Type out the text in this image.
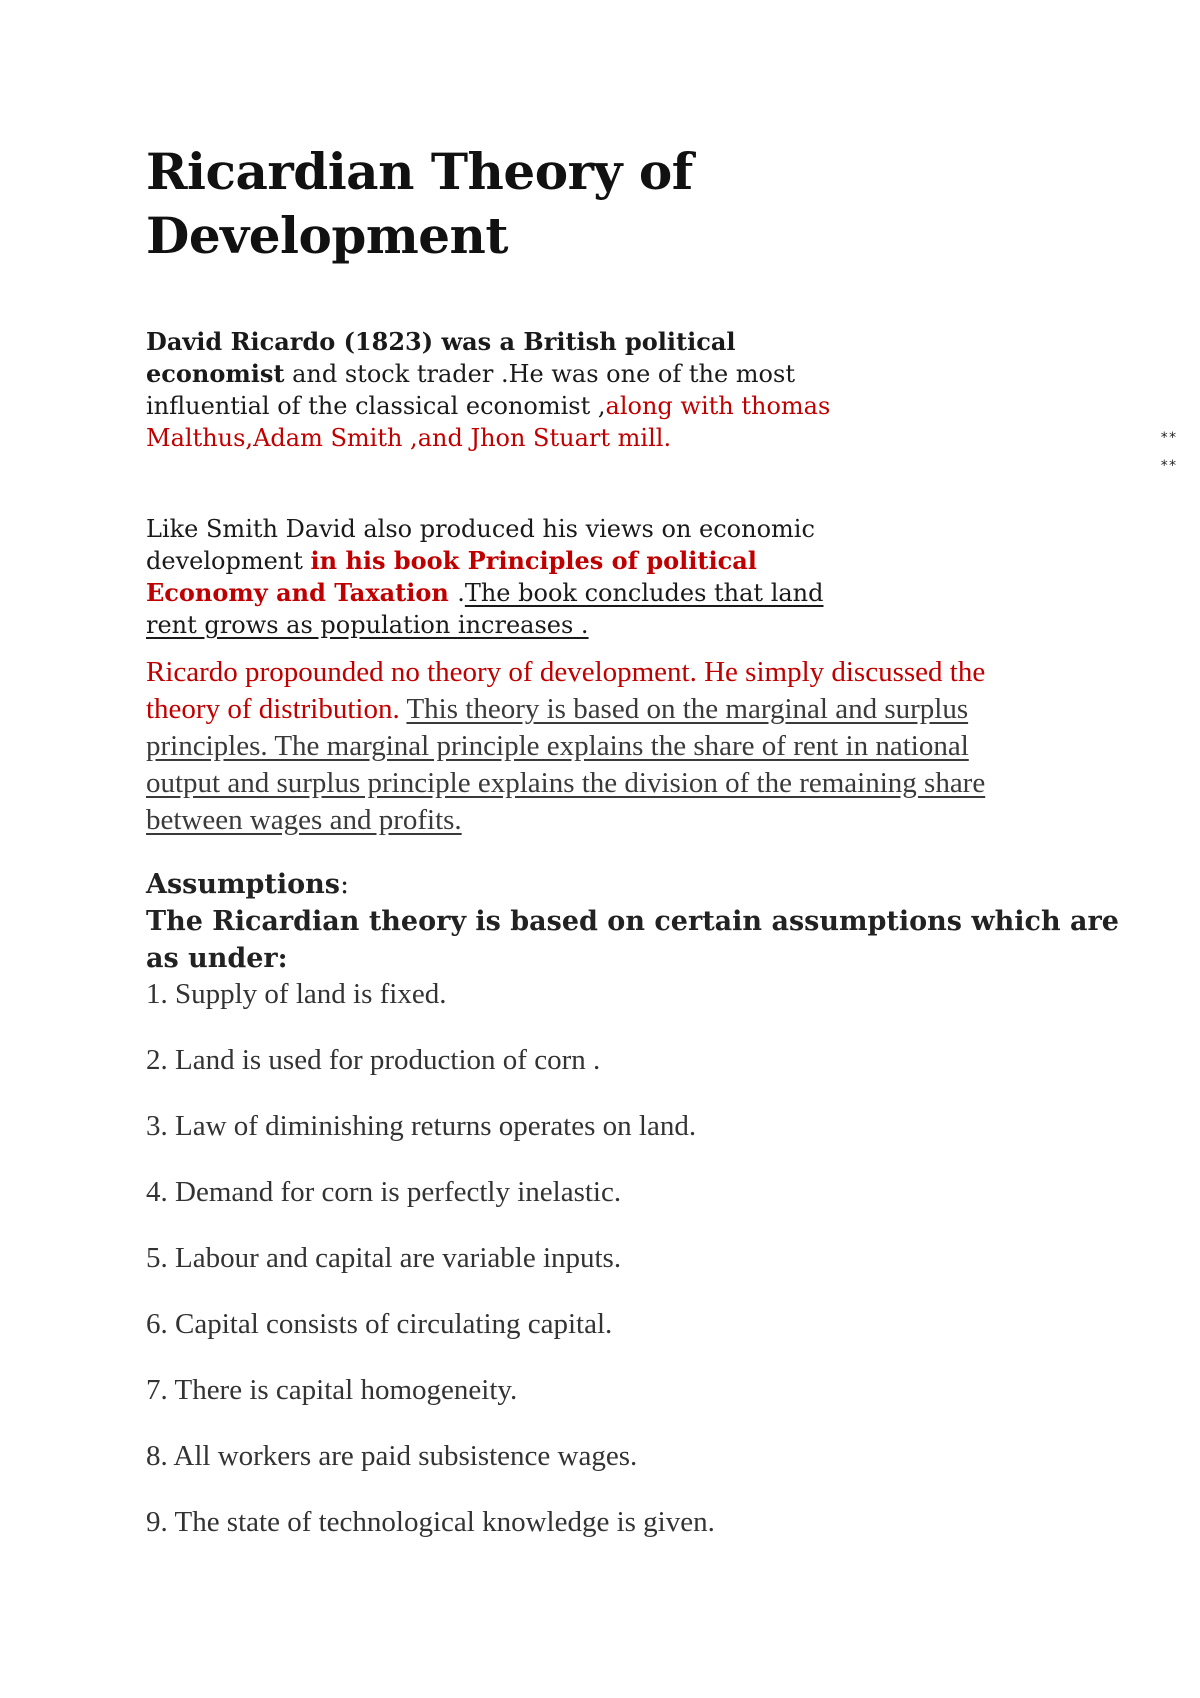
Ricardian Theory of
Development

David Ricardo (1823) was a British political
economist and stock trader .He was one of the most
influential of the classical economist ,along with thomas
Malthus,Adam Smith ,and Jhon Stuart mill.	**
**

Like Smith David also produced his views on economic
development in his book Principles of political
Economy and Taxation .The book concludes that land
rent grows as population increases .

Ricardo propounded no theory of development. He simply discussed the
theory of distribution. This theory is based on the marginal and surplus
principles. The marginal principle explains the share of rent in national
output and surplus principle explains the division of the remaining share
between wages and profits.

Assumptions:
The Ricardian theory is based on certain assumptions which are
as under:
1. Supply of land is fixed.
2. Land is used for production of corn .
3. Law of diminishing returns operates on land.
4. Demand for corn is perfectly inelastic.
5. Labour and capital are variable inputs.
6. Capital consists of circulating capital.
7. There is capital homogeneity.
8. All workers are paid subsistence wages.
9. The state of technological knowledge is given.
